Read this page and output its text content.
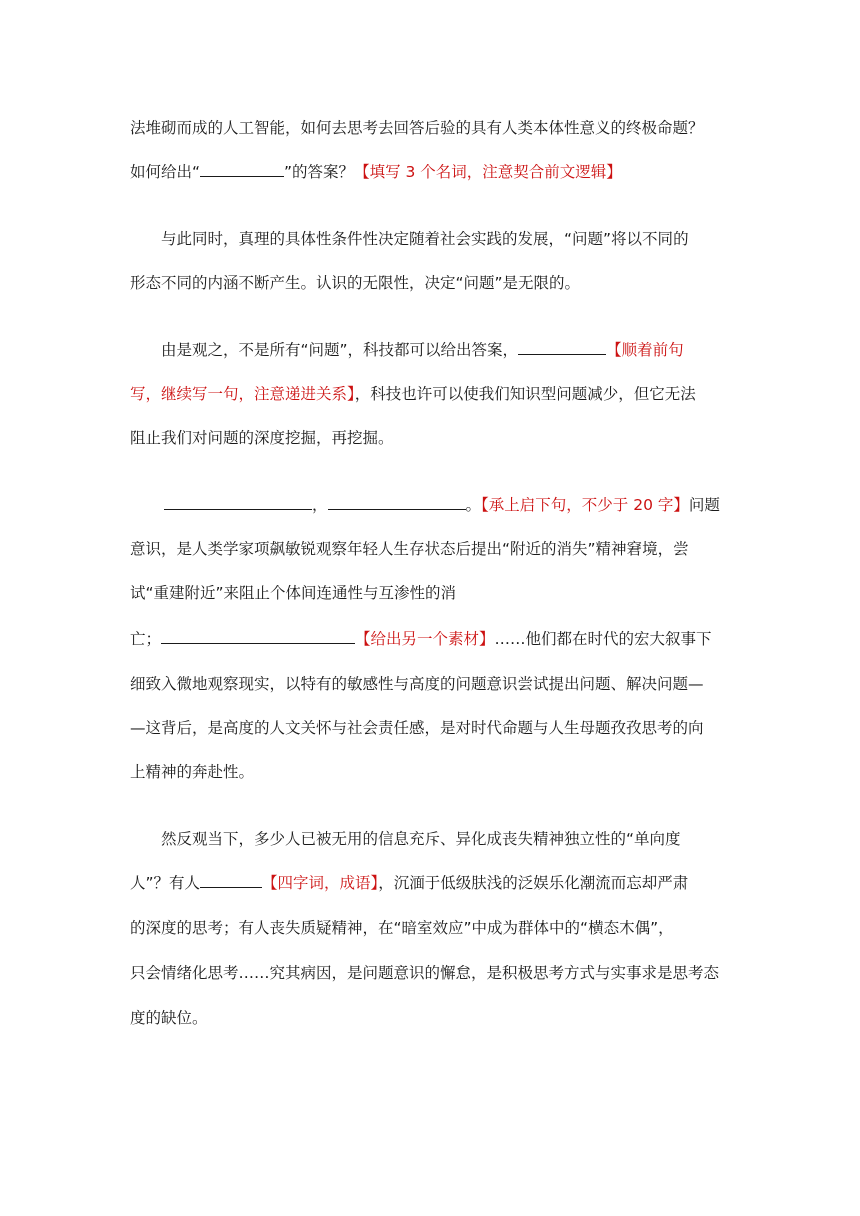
法堆砌而成的人工智能，如何去思考去回答后验的具有人类本体性意义的终极命题？
如何给出“	”的答案？【填写 3 个名词，注意契合前文逻辑】
与此同时，真理的具体性条件性决定随着社会实践的发展，“问题”将以不同的
形态不同的内涵不断产生。认识的无限性，决定“问题”是无限的。
由是观之，不是所有“问题”，科技都可以给出答案，	【顺着前句
写，继续写一句，注意递进关系】，科技也许可以使我们知识型问题减少，但它无法
阻止我们对问题的深度挖掘，再挖掘。
，	。【承上启下句，不少于 20 字】问题
意识，是人类学家项飙敏锐观察年轻人生存状态后提出“附近的消失”精神窘境，尝
试“重建附近”来阻止个体间连通性与互渗性的消
亡；	【给出另一个素材】……他们都在时代的宏大叙事下
细致入微地观察现实，以特有的敏感性与高度的问题意识尝试提出问题、解决问题—
—这背后，是高度的人文关怀与社会责任感，是对时代命题与人生母题孜孜思考的向
上精神的奔赴性。
然反观当下，多少人已被无用的信息充斥、异化成丧失精神独立性的“单向度
人”？有人	【四字词，成语】，沉湎于低级肤浅的泛娱乐化潮流而忘却严肃
的深度的思考；有人丧失质疑精神，在“暗室效应”中成为群体中的“横态木偶”，
只会情绪化思考……究其病因，是问题意识的懈怠，是积极思考方式与实事求是思考态
度的缺位。
